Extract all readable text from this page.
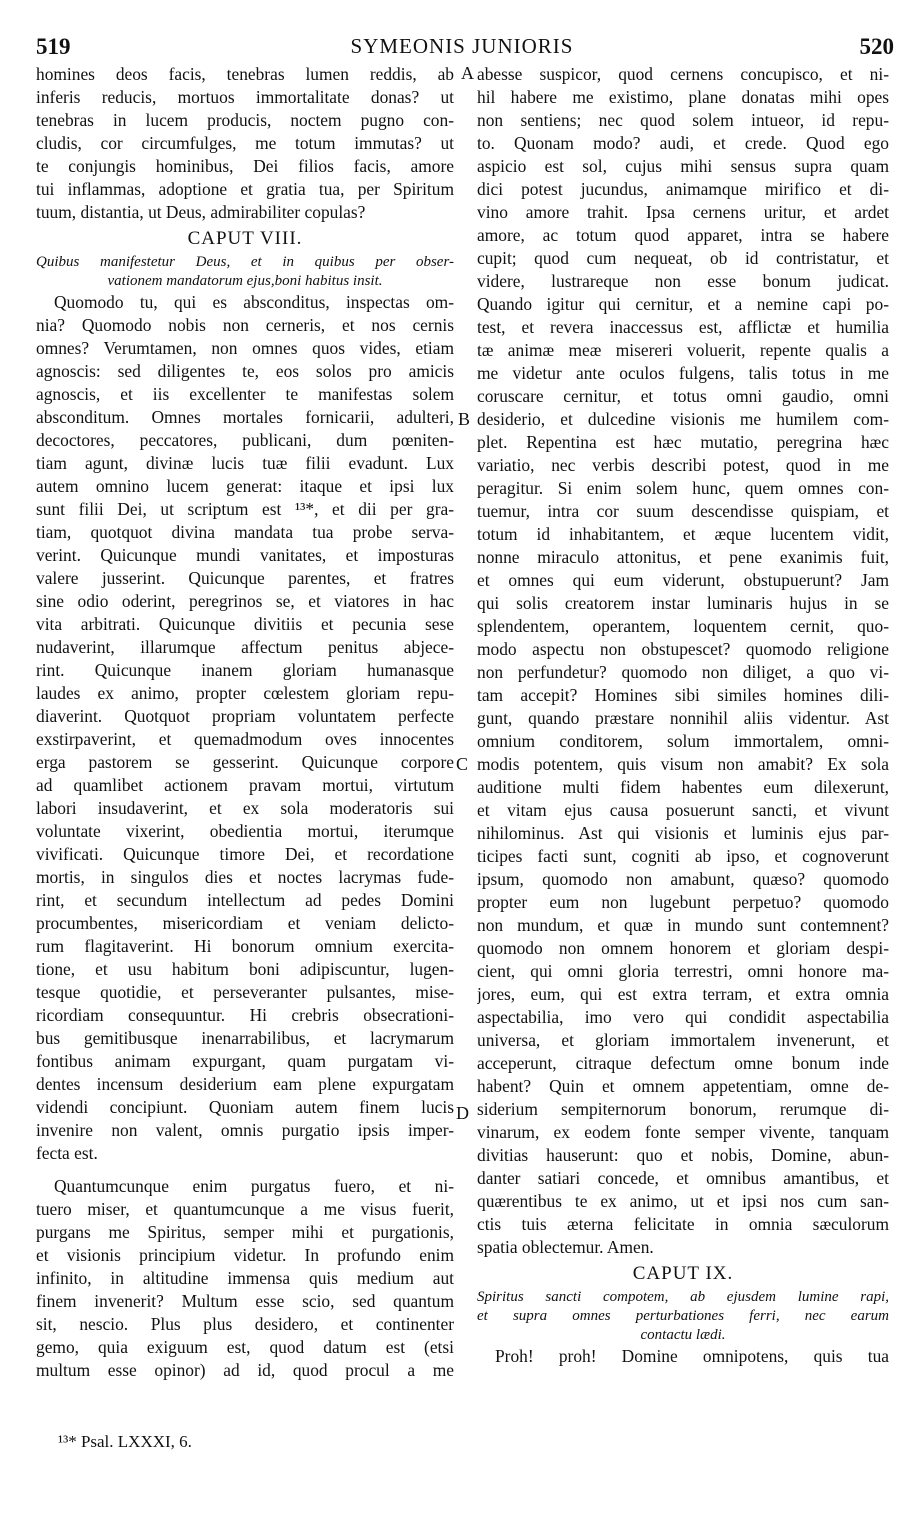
519	SYMEONIS JUNIORIS	520
homines deos facis, tenebras lumen reddis, ab
inferis reducis, mortuos immortalitate donas? ut
tenebras in lucem producis, noctem pugno con-
cludis, cor circumfulges, me totum immutas? ut
te conjungis hominibus, Dei filios facis, amore
tui inflammas, adoptione et gratia tua, per Spiritum
tuum, distantia, ut Deus, admirabiliter copulas?
CAPUT VIII.
Quibus manifestetur Deus, et in quibus per obser-
vationem mandatorum ejus,boni habitus insit.
Quomodo tu, qui es absconditus, inspectas om-
nia? Quomodo nobis non cerneris, et nos cernis
omnes? Verumtamen, non omnes quos vides, etiam
agnoscis: sed diligentes te, eos solos pro amicis
agnoscis, et iis excellenter te manifestas solem
absconditum. Omnes mortales fornicarii, adulteri,
decoctores, peccatores, publicani, dum pœniten-
tiam agunt, divinæ lucis tuæ filii evadunt. Lux
autem omnino lucem generat: itaque et ipsi lux
sunt filii Dei, ut scriptum est ¹³*, et dii per gra-
tiam, quotquot divina mandata tua probe serva-
verint. Quicunque mundi vanitates, et imposturas
valere jusserint. Quicunque parentes, et fratres
sine odio oderint, peregrinos se, et viatores in hac
vita arbitrati. Quicunque divitiis et pecunia sese
nudaverint, illarumque affectum penitus abjece-
rint. Quicunque inanem gloriam humanasque
laudes ex animo, propter cœlestem gloriam repu-
diaverint. Quotquot propriam voluntatem perfecte
exstirpaverint, et quemadmodum oves innocentes
erga pastorem se gesserint. Quicunque corpore
ad quamlibet actionem pravam mortui, virtutum
labori insudaverint, et ex sola moderatoris sui
voluntate vixerint, obedientia mortui, iterumque
vivificati. Quicunque timore Dei, et recordatione
mortis, in singulos dies et noctes lacrymas fude-
rint, et secundum intellectum ad pedes Domini
procumbentes, misericordiam et veniam delicto-
rum flagitaverint. Hi bonorum omnium exercita-
tione, et usu habitum boni adipiscuntur, lugen-
tesque quotidie, et perseveranter pulsantes, mise-
ricordiam consequuntur. Hi crebris obsecrationi-
bus gemitibusque inenarrabilibus, et lacrymarum
fontibus animam expurgant, quam purgatam vi-
dentes incensum desiderium eam plene expurgatam
videndi concipiunt. Quoniam autem finem lucis
invenire non valent, omnis purgatio ipsis imper-
fecta est.
Quantumcunque enim purgatus fuero, et ni-
tuero miser, et quantumcunque a me visus fuerit,
purgans me Spiritus, semper mihi et purgationis,
et visionis principium videtur. In profundo enim
infinito, in altitudine immensa quis medium aut
finem invenerit? Multum esse scio, sed quantum
sit, nescio. Plus plus desidero, et continenter
gemo, quia exiguum est, quod datum est (etsi
multum esse opinor) ad id, quod procul a me
abesse suspicor, quod cernens concupisco, et ni-
hil habere me existimo, plane donatas mihi opes
non sentiens; nec quod solem intueor, id repu-
to. Quonam modo? audi, et crede. Quod ego
aspicio est sol, cujus mihi sensus supra quam
dici potest jucundus, animamque mirifico et di-
vino amore trahit. Ipsa cernens uritur, et ardet
amore, ac totum quod apparet, intra se habere
cupit; quod cum nequeat, ob id contristatur, et
videre, lustrareque non esse bonum judicat.
Quando igitur qui cernitur, et a nemine capi po-
test, et revera inaccessus est, afflictæ et humilia
tæ animæ meæ misereri voluerit, repente qualis a
me videtur ante oculos fulgens, talis totus in me
coruscare cernitur, et totus omni gaudio, omni
desiderio, et dulcedine visionis me humilem com-
plet. Repentina est hæc mutatio, peregrina hæc
variatio, nec verbis describi potest, quod in me
peragitur. Si enim solem hunc, quem omnes con-
tuemur, intra cor suum descendisse quispiam, et
totum id inhabitantem, et æque lucentem vidit,
nonne miraculo attonitus, et pene exanimis fuit,
et omnes qui eum viderunt, obstupuerunt? Jam
qui solis creatorem instar luminaris hujus in se
splendentem, operantem, loquentem cernit, quo-
modo aspectu non obstupescet? quomodo religione
non perfundetur? quomodo non diliget, a quo vi-
tam accepit? Homines sibi similes homines dili-
gunt, quando præstare nonnihil aliis videntur. Ast
omnium conditorem, solum immortalem, omni-
modis potentem, quis visum non amabit? Ex sola
auditione multi fidem habentes eum dilexerunt,
et vitam ejus causa posuerunt sancti, et vivunt
nihilominus. Ast qui visionis et luminis ejus par-
ticipes facti sunt, cogniti ab ipso, et cognoverunt
ipsum, quomodo non amabunt, quæso? quomodo
propter eum non lugebunt perpetuo? quomodo
non mundum, et quæ in mundo sunt contemnent?
quomodo non omnem honorem et gloriam despi-
cient, qui omni gloria terrestri, omni honore ma-
jores, eum, qui est extra terram, et extra omnia
aspectabilia, imo vero qui condidit aspectabilia
universa, et gloriam immortalem invenerunt, et
acceperunt, citraque defectum omne bonum inde
habent? Quin et omnem appetentiam, omne de-
siderium sempiternorum bonorum, rerumque di-
vinarum, ex eodem fonte semper vivente, tanquam
divitias hauserunt: quo et nobis, Domine, abun-
danter satiari concede, et omnibus amantibus, et
quærentibus te ex animo, ut et ipsi nos cum san-
ctis tuis æterna felicitate in omnia sæculorum
spatia oblectemur. Amen.
CAPUT IX.
Spiritus sancti compotem, ab ejusdem lumine rapi,
et supra omnes perturbationes ferri, nec earum
contactu lædi.
Proh! proh! Domine omnipotens, quis tua
A
B
C
D
¹³* Psal. LXXXI, 6.
